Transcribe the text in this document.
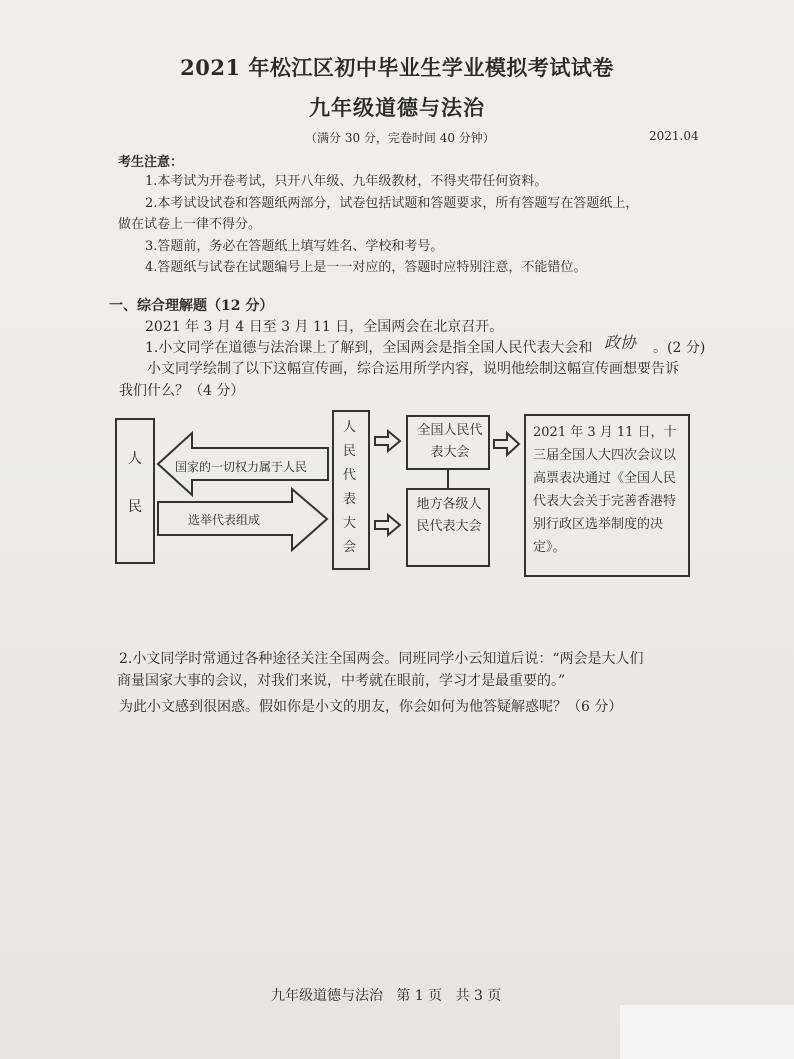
2021 年松江区初中毕业生学业模拟考试试卷
九年级道德与法治
（满分 30 分，完卷时间 40 分钟）	2021.04
考生注意：
1.本考试为开卷考试，只开八年级、九年级教材，不得夹带任何资料。
2.本考试设试卷和答题纸两部分，试卷包括试题和答题要求，所有答题写在答题纸上，
做在试卷上一律不得分。
3.答题前，务必在答题纸上填写姓名、学校和考号。
4.答题纸与试卷在试题编号上是一一对应的，答题时应特别注意，不能错位。
一、综合理解题（12 分）
2021 年 3 月 4 日至 3 月 11 日，全国两会在北京召开。
1.小文同学在道德与法治课上了解到，全国两会是指全国人民代表大会和 政协 。(2 分)
小文同学绘制了以下这幅宣传画，综合运用所学内容，说明他绘制这幅宣传画想要告诉
我们什么？（4 分）
人
民
国家的一切权力属于人民
选举代表组成
人民代表大会
全国人民代表大会
地方各级人民代表大会
2021 年 3 月 11 日，十三届全国人大四次会议以高票表决通过《全国人民代表大会关于完善香港特别行政区选举制度的决定》。
2.小文同学时常通过各种途径关注全国两会。同班同学小云知道后说：“两会是大人们
商量国家大事的会议，对我们来说，中考就在眼前，学习才是最重要的。”
为此小文感到很困惑。假如你是小文的朋友，你会如何为他答疑解惑呢？（6 分）
九年级道德与法治   第 1 页   共 3 页
